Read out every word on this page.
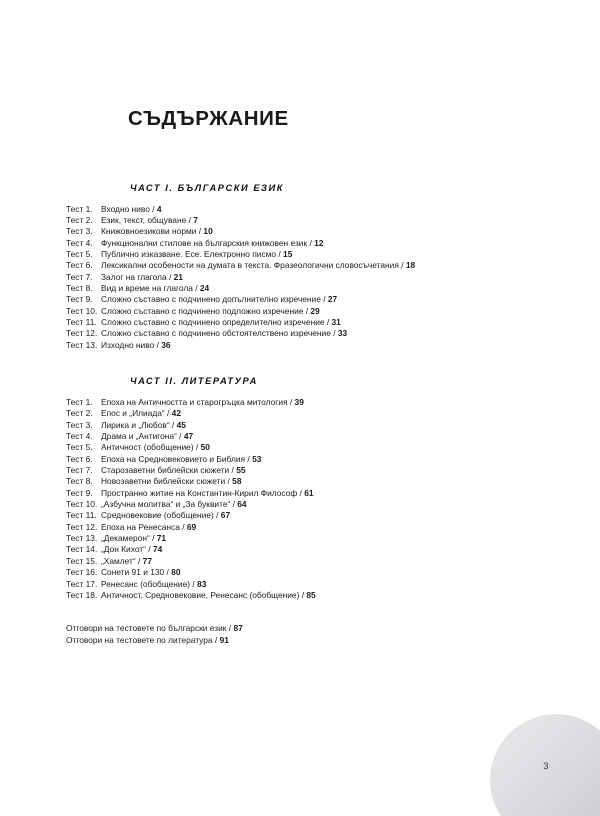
СЪДЪРЖАНИЕ
ЧАСТ I. БЪЛГАРСКИ ЕЗИК
Тест 1. Входно ниво / 4
Тест 2. Език, текст, общуване / 7
Тест 3. Книжовноезикови норми / 10
Тест 4. Функционални стилове на българския книжовен език / 12
Тест 5. Публично изказване. Есе. Електронно писмо / 15
Тест 6. Лексикални особености на думата в текста. Фразеологични словосъчетания / 18
Тест 7. Залог на глагола / 21
Тест 8. Вид и време на глагола / 24
Тест 9. Сложно съставно с подчинено допълнително изречение / 27
Тест 10. Сложно съставно с подчинено подложно изречение / 29
Тест 11. Сложно съставно с подчинено определително изречение / 31
Тест 12. Сложно съставно с подчинено обстоятелствено изречение / 33
Тест 13. Изходно ниво / 36
ЧАСТ II. ЛИТЕРАТУРА
Тест 1. Епоха на Античността и старогръцка митология / 39
Тест 2. Епос и „Илиада“ / 42
Тест 3. Лирика и „Любов“ / 45
Тест 4. Драма и „Антигона“ / 47
Тест 5. Античност (обобщение) / 50
Тест 6. Епоха на Средновековието и Библия / 53
Тест 7. Старозаветни библейски сюжети / 55
Тест 8. Новозаветни библейски сюжети / 58
Тест 9. Пространно житие на Константин-Кирил Философ / 61
Тест 10. „Азбучна молитва“ и „За буквите“ / 64
Тест 11. Средновековие (обобщение) / 67
Тест 12. Епоха на Ренесанса / 69
Тест 13. „Декамерон“ / 71
Тест 14. „Дон Кихот“ / 74
Тест 15. „Хамлет“ / 77
Тест 16. Сонети 91 и 130 / 80
Тест 17. Ренесанс (обобщение) / 83
Тест 18. Античност, Средновековие, Ренесанс (обобщение) / 85
Отговори на тестовете по български език / 87
Отговори на тестовете по литература / 91
3
